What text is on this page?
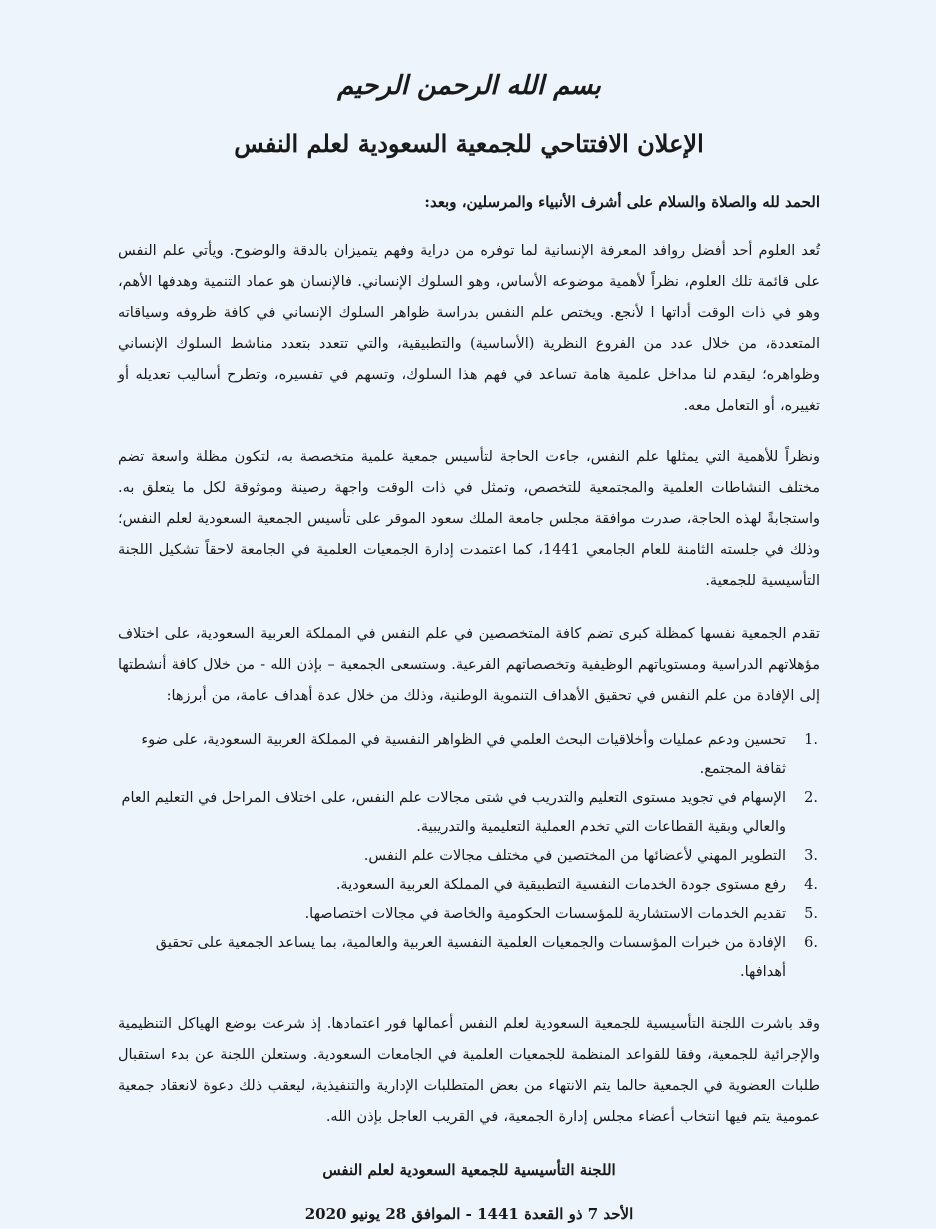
بسم الله الرحمن الرحيم
الإعلان الافتتاحي للجمعية السعودية لعلم النفس
الحمد لله والصلاة والسلام على أشرف الأنبياء والمرسلين، وبعد:
تُعد العلوم أحد أفضل روافد المعرفة الإنسانية لما توفره من دراية وفهم يتميزان بالدقة والوضوح. ويأتي علم النفس على قائمة تلك العلوم، نظراً لأهمية موضوعه الأساس، وهو السلوك الإنساني. فالإنسان هو عماد التنمية وهدفها الأهم، وهو في ذات الوقت أداتها ا لأنجع. ويختص علم النفس بدراسة ظواهر السلوك الإنساني في كافة ظروفه وسياقاته المتعددة، من خلال عدد من الفروع النظرية (الأساسية) والتطبيقية، والتي تتعدد بتعدد مناشط السلوك الإنساني وظواهره؛ ليقدم لنا مداخل علمية هامة تساعد في فهم هذا السلوك، وتسهم في تفسيره، وتطرح أساليب تعديله أو تغييره، أو التعامل معه.
ونظراً للأهمية التي يمثلها علم النفس، جاءت الحاجة لتأسيس جمعية علمية متخصصة به، لتكون مظلة واسعة تضم مختلف النشاطات العلمية والمجتمعية للتخصص، وتمثل في ذات الوقت واجهة رصينة وموثوقة لكل ما يتعلق به. واستجابةً لهذه الحاجة، صدرت موافقة مجلس جامعة الملك سعود الموقر على تأسيس الجمعية السعودية لعلم النفس؛ وذلك في جلسته الثامنة للعام الجامعي 1441، كما اعتمدت إدارة الجمعيات العلمية في الجامعة لاحقاً تشكيل اللجنة التأسيسية للجمعية.
تقدم الجمعية نفسها كمظلة كبرى تضم كافة المتخصصين في علم النفس في المملكة العربية السعودية، على اختلاف مؤهلاتهم الدراسية ومستوياتهم الوظيفية وتخصصاتهم الفرعية. وستسعى الجمعية – بإذن الله - من خلال كافة أنشطتها إلى الإفادة من علم النفس في تحقيق الأهداف التنموية الوطنية، وذلك من خلال عدة أهداف عامة، من أبرزها:
1.
تحسين ودعم عمليات وأخلاقيات البحث العلمي في الظواهر النفسية في المملكة العربية السعودية، على ضوء ثقافة المجتمع.
2.
الإسهام في تجويد مستوى التعليم والتدريب في شتى مجالات علم النفس، على اختلاف المراحل في التعليم العام والعالي وبقية القطاعات التي تخدم العملية التعليمية والتدريبية.
3.
التطوير المهني لأعضائها من المختصين في مختلف مجالات علم النفس.
4.
رفع مستوى جودة الخدمات النفسية التطبيقية في المملكة العربية السعودية.
5.
تقديم الخدمات الاستشارية للمؤسسات الحكومية والخاصة في مجالات اختصاصها.
6.
الإفادة من خبرات المؤسسات والجمعيات العلمية النفسية العربية والعالمية، بما يساعد الجمعية على تحقيق أهدافها.
وقد باشرت اللجنة التأسيسية للجمعية السعودية لعلم النفس أعمالها فور اعتمادها. إذ شرعت بوضع الهياكل التنظيمية والإجرائية للجمعية، وفقا للقواعد المنظمة للجمعيات العلمية في الجامعات السعودية. وستعلن اللجنة عن بدء استقبال طلبات العضوية في الجمعية حالما يتم الانتهاء من بعض المتطلبات الإدارية والتنفيذية، ليعقب ذلك دعوة لانعقاد جمعية عمومية يتم فيها انتخاب أعضاء مجلس إدارة الجمعية، في القريب العاجل بإذن الله.
اللجنة التأسيسية للجمعية السعودية لعلم النفس
الأحد 7 ذو القعدة 1441 - الموافق 28 يونيو 2020
